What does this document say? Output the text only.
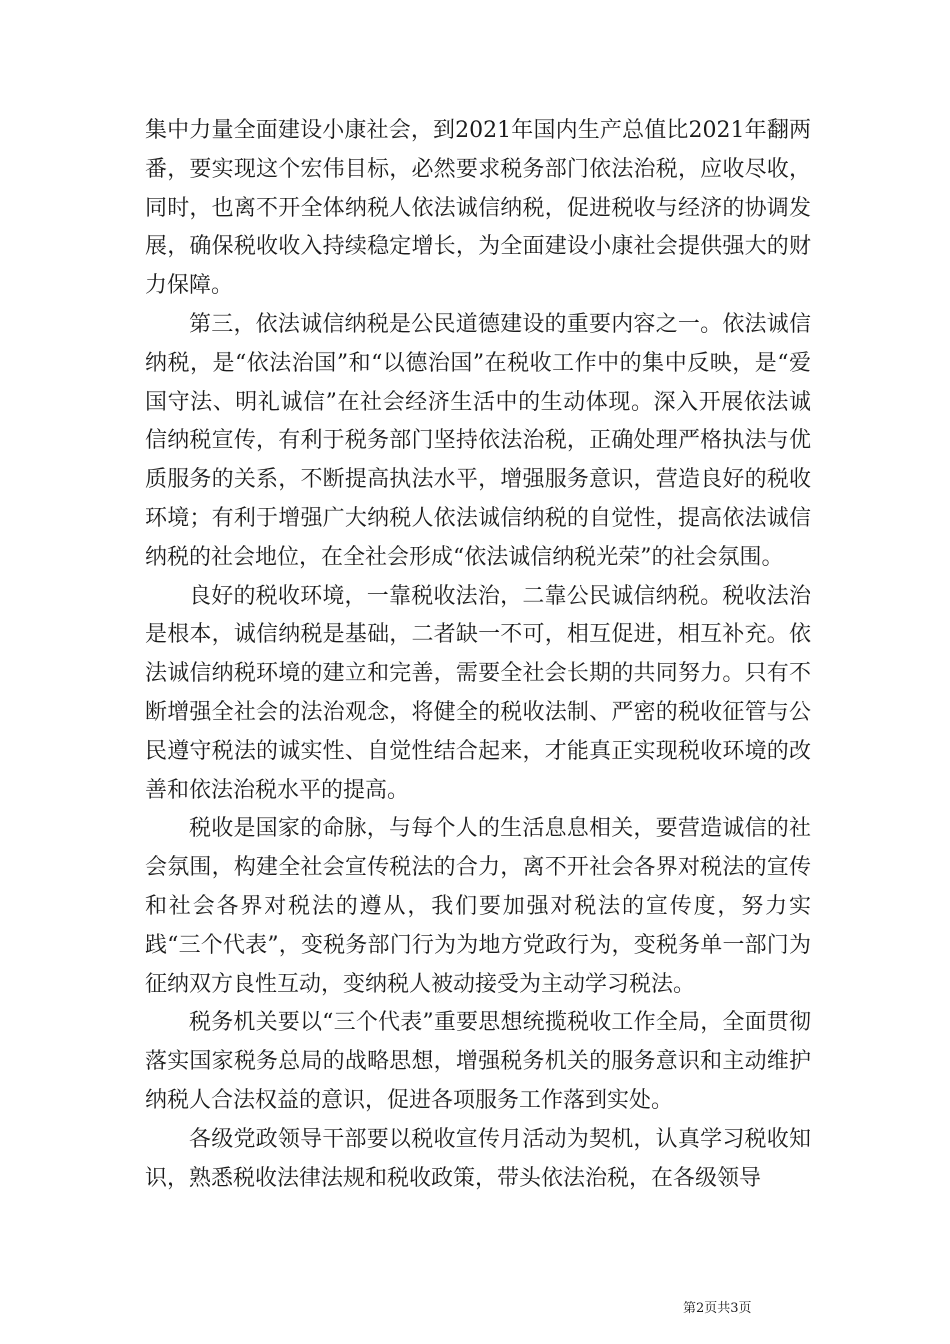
集中力量全面建设小康社会，到2021年国内生产总值比2021年翻两番，要实现这个宏伟目标，必然要求税务部门依法治税，应收尽收，同时，也离不开全体纳税人依法诚信纳税，促进税收与经济的协调发展，确保税收收入持续稳定增长，为全面建设小康社会提供强大的财力保障。

第三，依法诚信纳税是公民道德建设的重要内容之一。依法诚信纳税，是“依法治国”和“以德治国”在税收工作中的集中反映，是“爱国守法、明礼诚信”在社会经济生活中的生动体现。深入开展依法诚信纳税宣传，有利于税务部门坚持依法治税，正确处理严格执法与优质服务的关系，不断提高执法水平，增强服务意识，营造良好的税收环境；有利于增强广大纳税人依法诚信纳税的自觉性，提高依法诚信纳税的社会地位，在全社会形成“依法诚信纳税光荣”的社会氛围。

良好的税收环境，一靠税收法治，二靠公民诚信纳税。税收法治是根本，诚信纳税是基础，二者缺一不可，相互促进，相互补充。依法诚信纳税环境的建立和完善，需要全社会长期的共同努力。只有不断增强全社会的法治观念，将健全的税收法制、严密的税收征管与公民遵守税法的诚实性、自觉性结合起来，才能真正实现税收环境的改善和依法治税水平的提高。

税收是国家的命脉，与每个人的生活息息相关，要营造诚信的社会氛围，构建全社会宣传税法的合力，离不开社会各界对税法的宣传和社会各界对税法的遵从，我们要加强对税法的宣传度，努力实践“三个代表”，变税务部门行为为地方党政行为，变税务单一部门为征纳双方良性互动，变纳税人被动接受为主动学习税法。

税务机关要以“三个代表”重要思想统揽税收工作全局，全面贯彻落实国家税务总局的战略思想，增强税务机关的服务意识和主动维护纳税人合法权益的意识，促进各项服务工作落到实处。

各级党政领导干部要以税收宣传月活动为契机，认真学习税收知识，熟悉税收法律法规和税收政策，带头依法治税，在各级领导

第2页共3页
